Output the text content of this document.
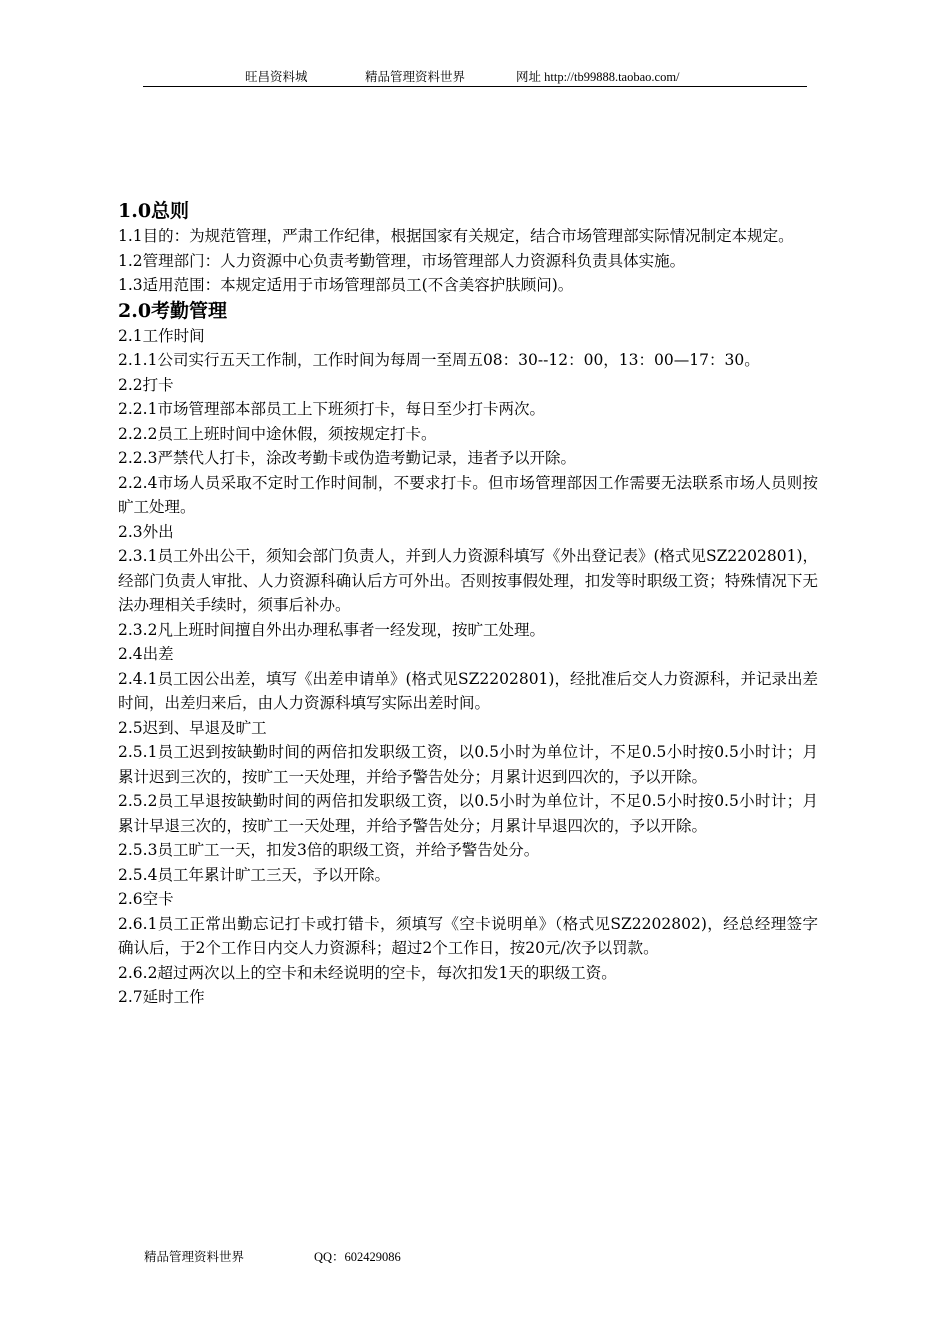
旺昌资料城	精品管理资料世界	网址 http://tb99888.taobao.com/
1.0总则
1.1目的：为规范管理，严肃工作纪律，根据国家有关规定，结合市场管理部实际情况制定本规定。
1.2管理部门：人力资源中心负责考勤管理，市场管理部人力资源科负责具体实施。
1.3适用范围：本规定适用于市场管理部员工(不含美容护肤顾问)。
2.0考勤管理
2.1工作时间
2.1.1公司实行五天工作制，工作时间为每周一至周五08：30--12：00，13：00—17：30。
2.2打卡
2.2.1市场管理部本部员工上下班须打卡，每日至少打卡两次。
2.2.2员工上班时间中途休假，须按规定打卡。
2.2.3严禁代人打卡，涂改考勤卡或伪造考勤记录，违者予以开除。
2.2.4市场人员采取不定时工作时间制，不要求打卡。但市场管理部因工作需要无法联系市场人员则按旷工处理。
2.3外出
2.3.1员工外出公干，须知会部门负责人，并到人力资源科填写《外出登记表》(格式见SZ2202801)，经部门负责人审批、人力资源科确认后方可外出。否则按事假处理，扣发等时职级工资；特殊情况下无法办理相关手续时，须事后补办。
2.3.2凡上班时间擅自外出办理私事者一经发现，按旷工处理。
2.4出差
2.4.1员工因公出差，填写《出差申请单》(格式见SZ2202801)，经批准后交人力资源科，并记录出差时间，出差归来后，由人力资源科填写实际出差时间。
2.5迟到、早退及旷工
2.5.1员工迟到按缺勤时间的两倍扣发职级工资，以0.5小时为单位计，不足0.5小时按0.5小时计；月累计迟到三次的，按旷工一天处理，并给予警告处分；月累计迟到四次的，予以开除。
2.5.2员工早退按缺勤时间的两倍扣发职级工资，以0.5小时为单位计，不足0.5小时按0.5小时计；月累计早退三次的，按旷工一天处理，并给予警告处分；月累计早退四次的，予以开除。
2.5.3员工旷工一天，扣发3倍的职级工资，并给予警告处分。
2.5.4员工年累计旷工三天，予以开除。
2.6空卡
2.6.1员工正常出勤忘记打卡或打错卡，须填写《空卡说明单》（格式见SZ2202802)，经总经理签字确认后，于2个工作日内交人力资源科；超过2个工作日，按20元/次予以罚款。
2.6.2超过两次以上的空卡和未经说明的空卡，每次扣发1天的职级工资。
2.7延时工作
精品管理资料世界	QQ：602429086
